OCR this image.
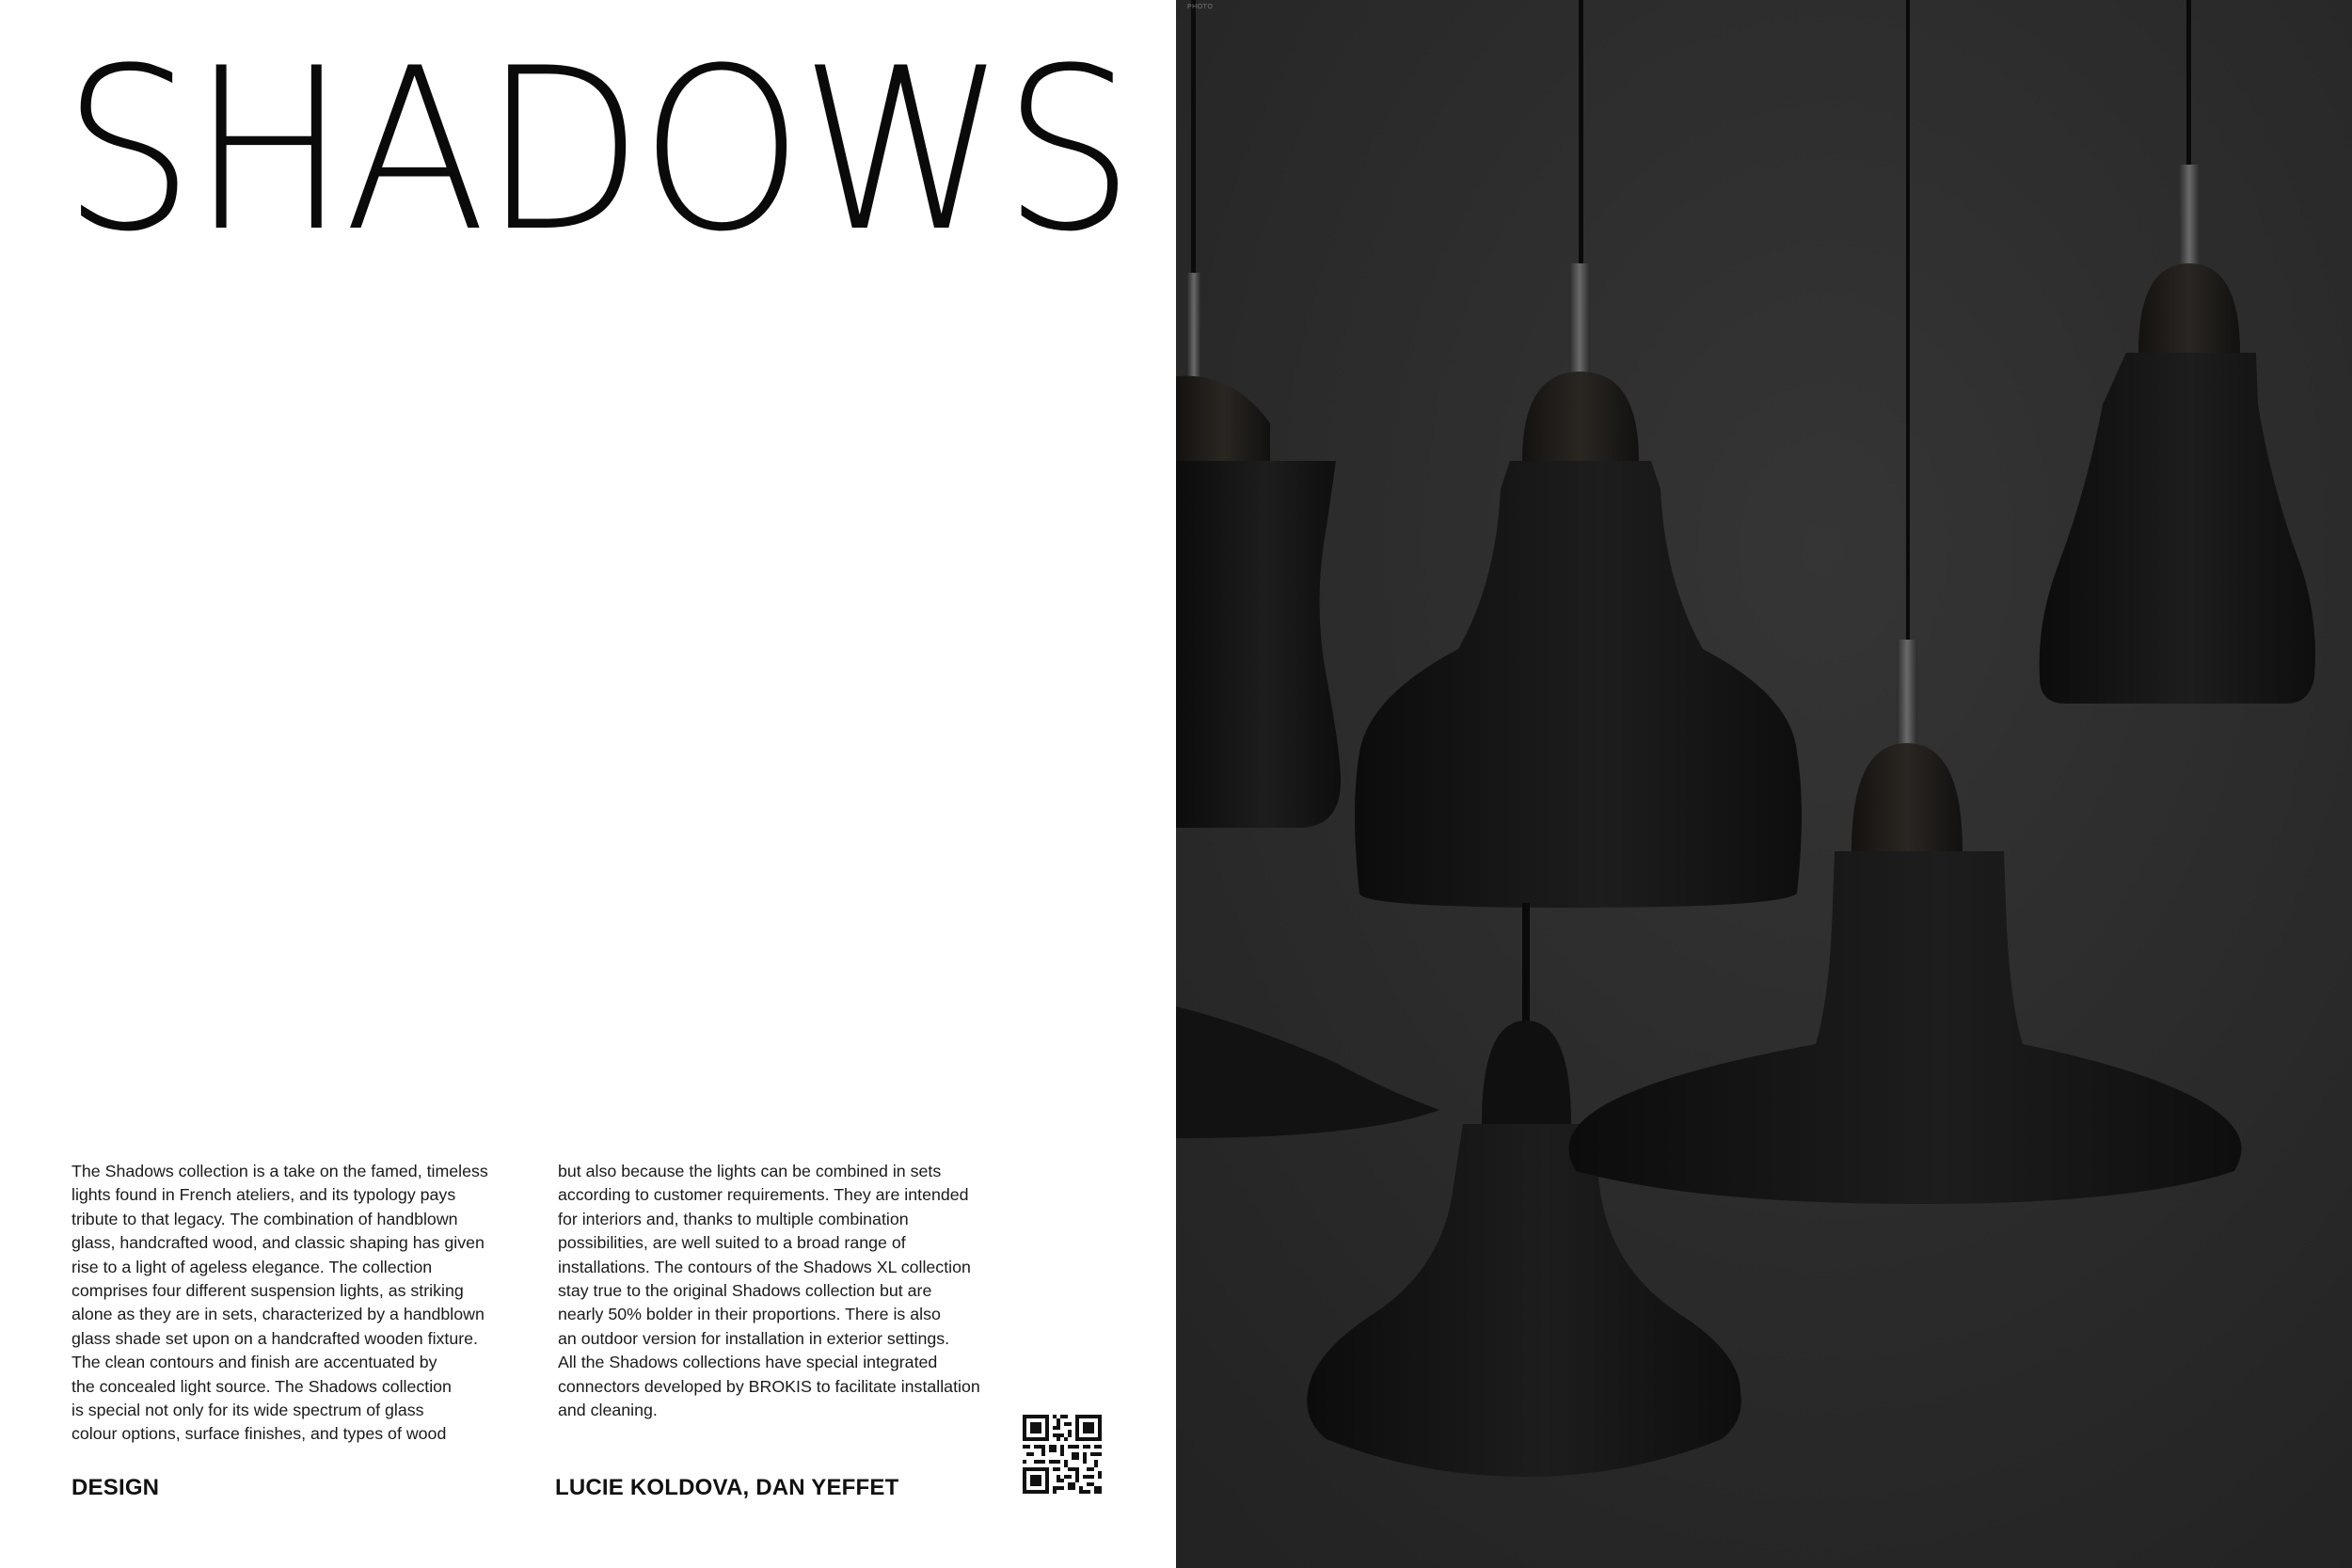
SHADOWS
The Shadows collection is a take on the famed, timeless
lights found in French ateliers, and its typology pays
tribute to that legacy. The combination of handblown
glass, handcrafted wood, and classic shaping has given
rise to a light of ageless elegance. The collection
comprises four different suspension lights, as striking
alone as they are in sets, characterized by a handblown
glass shade set upon on a handcrafted wooden fixture.
The clean contours and finish are accentuated by
the concealed light source. The Shadows collection
is special not only for its wide spectrum of glass
colour options, surface finishes, and types of wood
but also because the lights can be combined in sets
according to customer requirements. They are intended
for interiors and, thanks to multiple combination
possibilities, are well suited to a broad range of
installations. The contours of the Shadows XL collection
stay true to the original Shadows collection but are
nearly 50% bolder in their proportions. There is also
an outdoor version for installation in exterior settings.
All the Shadows collections have special integrated
connectors developed by BROKIS to facilitate installation
and cleaning.
DESIGN	LUCIE KOLDOVA, DAN YEFFET
PHOTO
